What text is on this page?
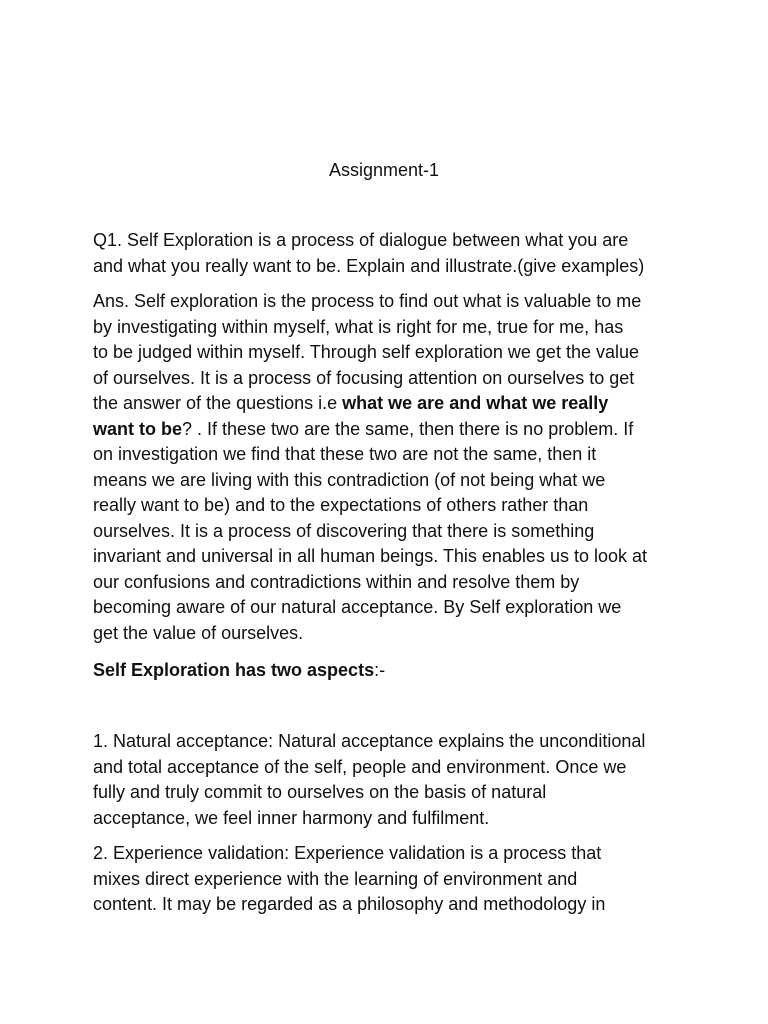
Assignment-1
Q1. Self Exploration is a process of dialogue between what you are
and what you really want to be. Explain and illustrate.(give examples)
Ans. Self exploration is the process to find out what is valuable to me
by investigating within myself, what is right for me, true for me, has
to be judged within myself. Through self exploration we get the value
of ourselves. It is a process of focusing attention on ourselves to get
the answer of the questions i.e what we are and what we really
want to be? . If these two are the same, then there is no problem. If
on investigation we find that these two are not the same, then it
means we are living with this contradiction (of not being what we
really want to be) and to the expectations of others rather than
ourselves. It is a process of discovering that there is something
invariant and universal in all human beings. This enables us to look at
our confusions and contradictions within and resolve them by
becoming aware of our natural acceptance. By Self exploration we
get the value of ourselves.
Self Exploration has two aspects:-
1. Natural acceptance: Natural acceptance explains the unconditional
and total acceptance of the self, people and environment. Once we
fully and truly commit to ourselves on the basis of natural
acceptance, we feel inner harmony and fulfilment.
2. Experience validation: Experience validation is a process that
mixes direct experience with the learning of environment and
content. It may be regarded as a philosophy and methodology in
